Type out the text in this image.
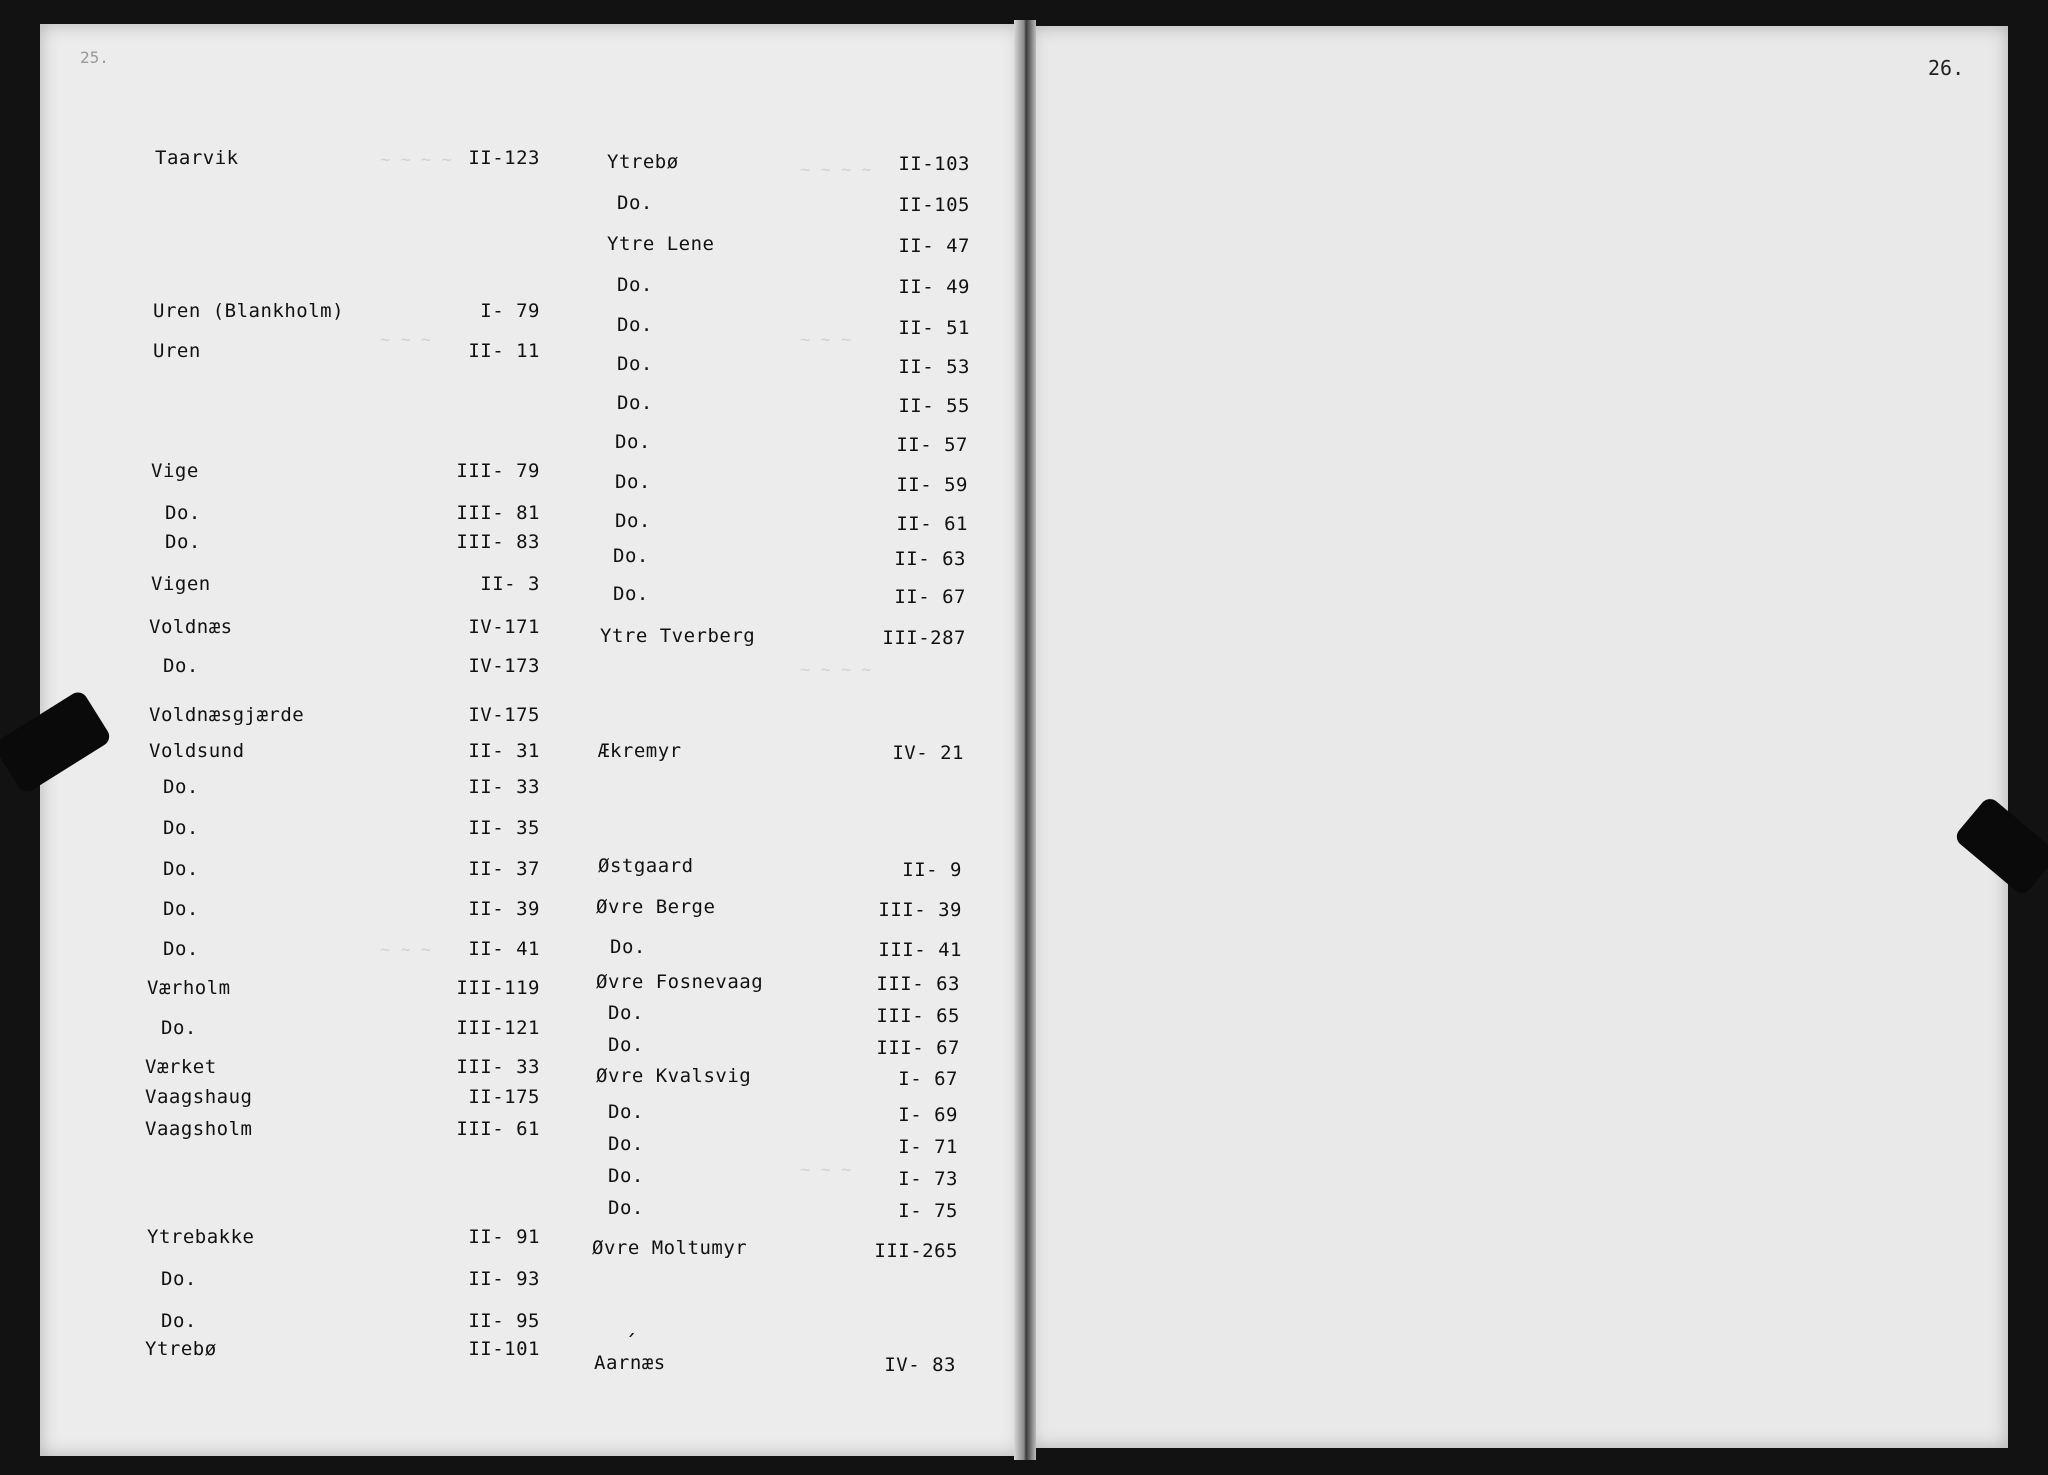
25.	26.
~ ~ ~ ~	~ ~ ~ ~
~ ~ ~	~ ~ ~
~ ~ ~ ~
~ ~ ~
~ ~ ~
Taarvik	II-123
Uren (Blankholm)	I- 79
Uren	II- 11
Vige	III- 79
Do.	III- 81
Do.	III- 83
Vigen	II- 3
Voldnæs	IV-171
Do.	IV-173
Voldnæsgjærde	IV-175
Voldsund	II- 31
Do.	II- 33
Do.	II- 35
Do.	II- 37
Do.	II- 39
Do.	II- 41
Værholm	III-119
Do.	III-121
Værket	III- 33
Vaagshaug	II-175
Vaagsholm	III- 61
Ytrebakke	II- 91
Do.	II- 93
Do.	II- 95
Ytrebø	II-101
Ytrebø	II-103
Do.	II-105
Ytre Lene	II- 47
Do.	II- 49
Do.	II- 51
Do.	II- 53
Do.	II- 55
Do.	II- 57
Do.	II- 59
Do.	II- 61
Do.	II- 63
Do.	II- 67
Ytre Tverberg	III-287
Ækremyr	IV- 21
Østgaard	II- 9
Øvre Berge	III- 39
Do.	III- 41
Øvre Fosnevaag	III- 63
Do.	III- 65
Do.	III- 67
Øvre Kvalsvig	I- 67
Do.	I- 69
Do.	I- 71
Do.	I- 73
Do.	I- 75
Øvre Moltumyr	III-265
Aarnæs	IV- 83
´
